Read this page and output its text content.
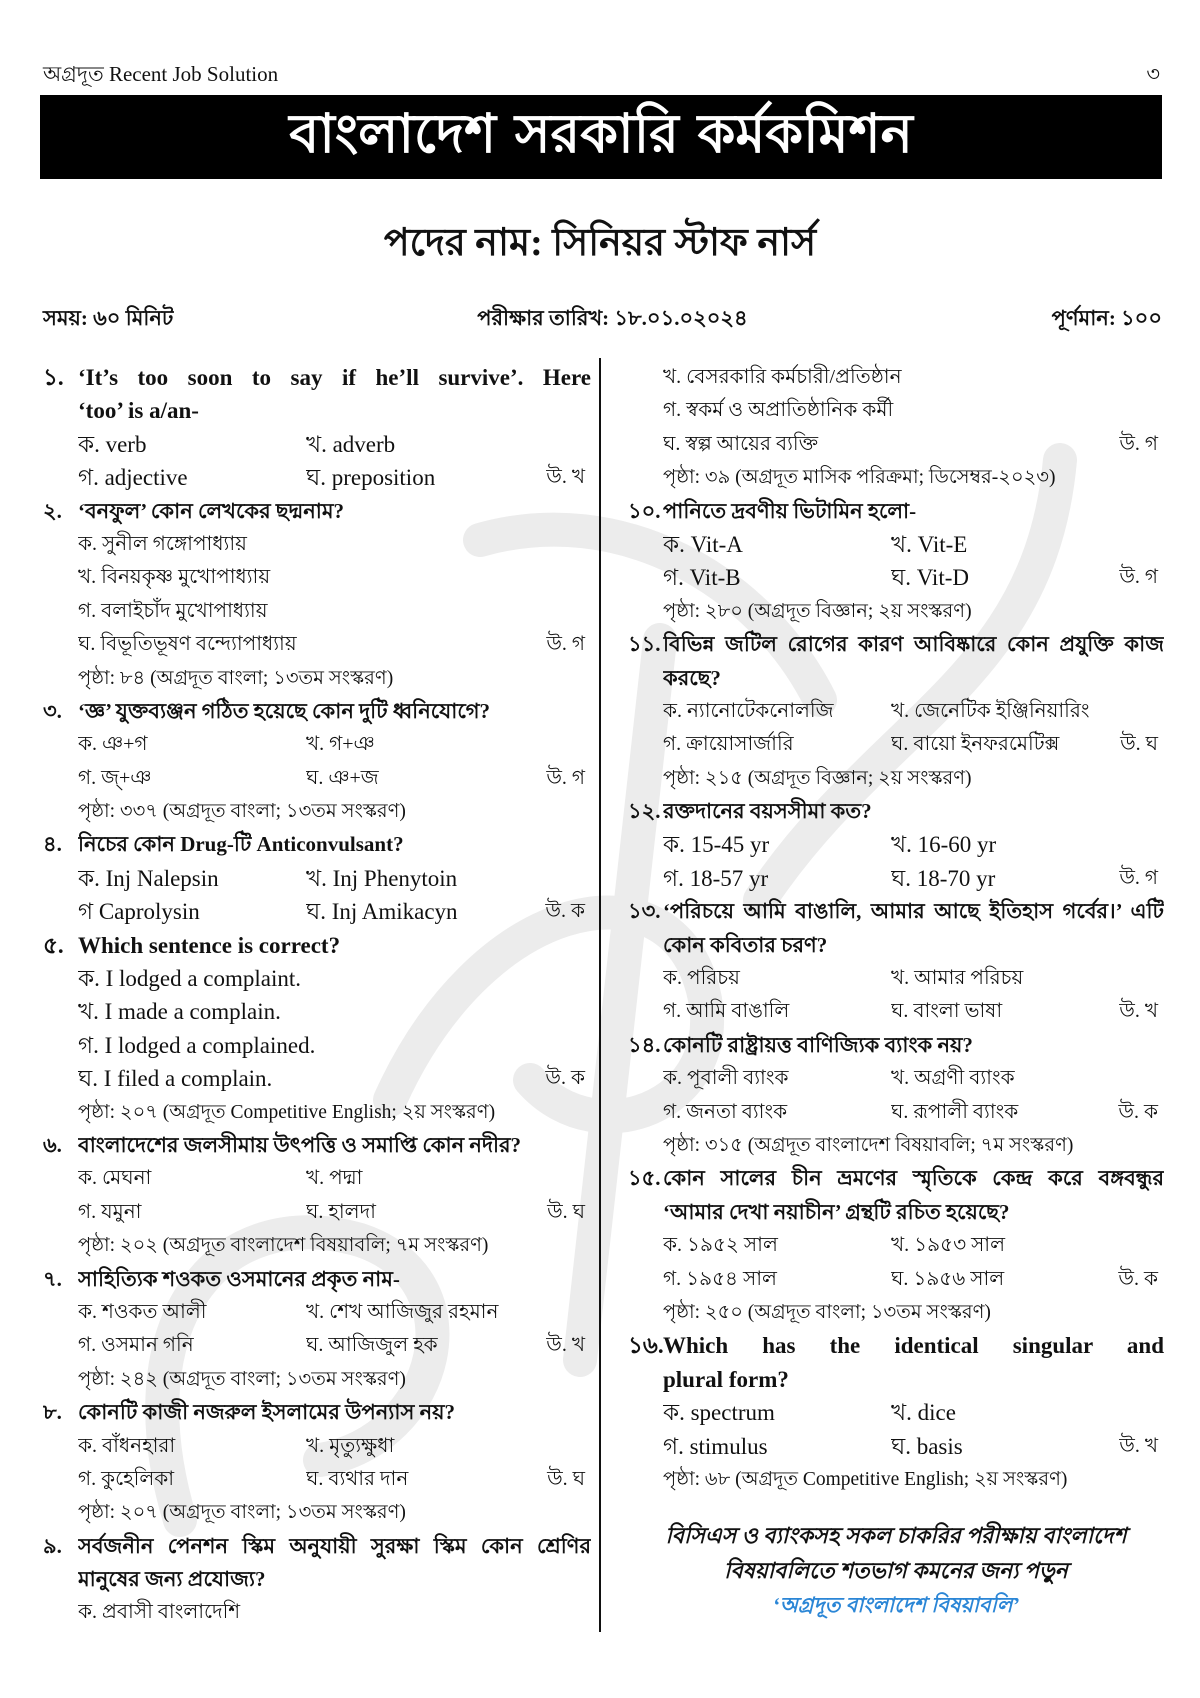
অগ্রদূত Recent Job Solution	৩
বাংলাদেশ সরকারি কর্মকমিশন
পদের নাম: সিনিয়র স্টাফ নার্স
সময়: ৬০ মিনিট	পরীক্ষার তারিখ: ১৮.০১.০২০২৪	পূর্ণমান: ১০০
১. ‘It’s too soon to say if he’ll survive’. Here
‘too’ is a/an-
ক. verb	খ. adverb
গ. adjective	ঘ. preposition	উ. খ
২. ‘বনফুল’ কোন লেখকের ছদ্মনাম?
ক. সুনীল গঙ্গোপাধ্যায়
খ. বিনয়কৃষ্ণ মুখোপাধ্যায়
গ. বলাইচাঁদ মুখোপাধ্যায়
ঘ. বিভূতিভূষণ বন্দ্যোপাধ্যায়	উ. গ
পৃষ্ঠা: ৮৪ (অগ্রদূত বাংলা; ১৩তম সংস্করণ)
৩. ‘জ্ঞ’ যুক্তব্যঞ্জন গঠিত হয়েছে কোন দুটি ধ্বনিযোগে?
ক. ঞ+গ	খ. গ+ঞ
গ. জ্+ঞ	ঘ. ঞ+জ	উ. গ
পৃষ্ঠা: ৩৩৭ (অগ্রদূত বাংলা; ১৩তম সংস্করণ)
৪. নিচের কোন Drug-টি Anticonvulsant?
ক. Inj Nalepsin	খ. Inj Phenytoin
গ Caprolysin	ঘ. Inj Amikacyn	উ. ক
৫. Which sentence is correct?
ক. I lodged a complaint.
খ. I made a complain.
গ. I lodged a complained.
ঘ. I filed a complain.	উ. ক
পৃষ্ঠা: ২০৭ (অগ্রদূত Competitive English; ২য় সংস্করণ)
৬. বাংলাদেশের জলসীমায় উৎপত্তি ও সমাপ্তি কোন নদীর?
ক. মেঘনা	খ. পদ্মা
গ. যমুনা	ঘ. হালদা	উ. ঘ
পৃষ্ঠা: ২০২ (অগ্রদূত বাংলাদেশ বিষয়াবলি; ৭ম সংস্করণ)
৭. সাহিত্যিক শওকত ওসমানের প্রকৃত নাম-
ক. শওকত আলী	খ. শেখ আজিজুর রহমান
গ. ওসমান গনি	ঘ. আজিজুল হক	উ. খ
পৃষ্ঠা: ২৪২ (অগ্রদূত বাংলা; ১৩তম সংস্করণ)
৮. কোনটি কাজী নজরুল ইসলামের উপন্যাস নয়?
ক. বাঁধনহারা	খ. মৃত্যুক্ষুধা
গ. কুহেলিকা	ঘ. ব্যথার দান	উ. ঘ
পৃষ্ঠা: ২০৭ (অগ্রদূত বাংলা; ১৩তম সংস্করণ)
৯. সর্বজনীন পেনশন স্কিম অনুযায়ী সুরক্ষা স্কিম কোন শ্রেণির
মানুষের জন্য প্রযোজ্য?
ক. প্রবাসী বাংলাদেশি
খ. বেসরকারি কর্মচারী/প্রতিষ্ঠান
গ. স্বকর্ম ও অপ্রাতিষ্ঠানিক কর্মী
ঘ. স্বল্প আয়ের ব্যক্তি	উ. গ
পৃষ্ঠা: ৩৯ (অগ্রদূত মাসিক পরিক্রমা; ডিসেম্বর-২০২৩)
১০. পানিতে দ্রবণীয় ভিটামিন হলো-
ক. Vit-A	খ. Vit-E
গ. Vit-B	ঘ. Vit-D	উ. গ
পৃষ্ঠা: ২৮০ (অগ্রদূত বিজ্ঞান; ২য় সংস্করণ)
১১. বিভিন্ন জটিল রোগের কারণ আবিষ্কারে কোন প্রযুক্তি কাজ
করছে?
ক. ন্যানোটেকনোলজি	খ. জেনেটিক ইঞ্জিনিয়ারিং
গ. ক্রায়োসার্জারি	ঘ. বায়ো ইনফরমেটিক্স	উ. ঘ
পৃষ্ঠা: ২১৫ (অগ্রদূত বিজ্ঞান; ২য় সংস্করণ)
১২. রক্তদানের বয়সসীমা কত?
ক. 15-45 yr	খ. 16-60 yr
গ. 18-57 yr	ঘ. 18-70 yr	উ. গ
১৩. ‘পরিচয়ে আমি বাঙালি, আমার আছে ইতিহাস গর্বের।’ এটি
কোন কবিতার চরণ?
ক. পরিচয়	খ. আমার পরিচয়
গ. আমি বাঙালি	ঘ. বাংলা ভাষা	উ. খ
১৪. কোনটি রাষ্ট্রায়ত্ত বাণিজ্যিক ব্যাংক নয়?
ক. পূবালী ব্যাংক	খ. অগ্রণী ব্যাংক
গ. জনতা ব্যাংক	ঘ. রূপালী ব্যাংক	উ. ক
পৃষ্ঠা: ৩১৫ (অগ্রদূত বাংলাদেশ বিষয়াবলি; ৭ম সংস্করণ)
১৫. কোন সালের চীন ভ্রমণের স্মৃতিকে কেন্দ্র করে বঙ্গবন্ধুর
‘আমার দেখা নয়াচীন’ গ্রন্থটি রচিত হয়েছে?
ক. ১৯৫২ সাল	খ. ১৯৫৩ সাল
গ. ১৯৫৪ সাল	ঘ. ১৯৫৬ সাল	উ. ক
পৃষ্ঠা: ২৫০ (অগ্রদূত বাংলা; ১৩তম সংস্করণ)
১৬. Which has the identical singular and
plural form?
ক. spectrum	খ. dice
গ. stimulus	ঘ. basis	উ. খ
পৃষ্ঠা: ৬৮ (অগ্রদূত Competitive English; ২য় সংস্করণ)
বিসিএস ও ব্যাংকসহ সকল চাকরির পরীক্ষায় বাংলাদেশ
বিষয়াবলিতে শতভাগ কমনের জন্য পড়ুন
‘অগ্রদূত বাংলাদেশ বিষয়াবলি’
